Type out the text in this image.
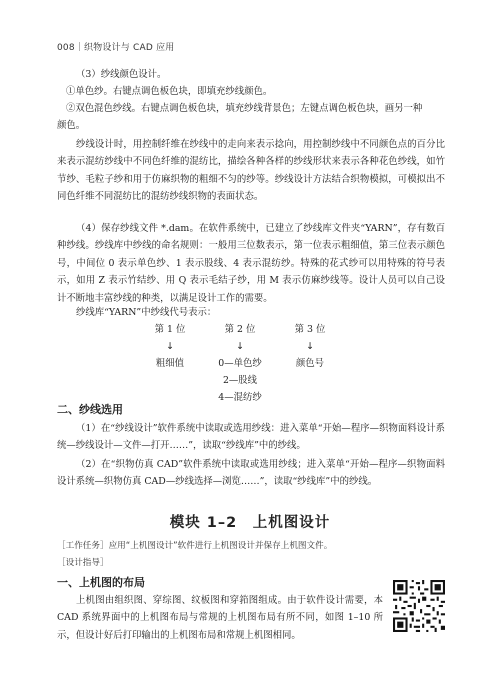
008｜织物设计与 CAD 应用
（3）纱线颜色设计。
①单色纱。右键点调色板色块，即填充纱线颜色。
②双色混色纱线。右键点调色板色块，填充纱线背景色；左键点调色板色块，画另一种
颜色。
纱线设计时，用控制纤维在纱线中的走向来表示捻向，用控制纱线中不同颜色点的百分比来表示混纺纱线中不同色纤维的混纺比，描绘各种各样的纱线形状来表示各种花色纱线，如竹节纱、毛粒子纱和用于仿麻织物的粗细不匀的纱等。纱线设计方法结合织物模拟，可模拟出不同色纤维不同混纺比的混纺纱线织物的表面状态。
（4）保存纱线文件 *.dam。在软件系统中，已建立了纱线库文件夹“YARN”，存有数百种纱线。纱线库中纱线的命名规则：一般用三位数表示，第一位表示粗细值，第三位表示颜色号，中间位 0 表示单色纱、1 表示股线、4 表示混纺纱。特殊的花式纱可以用特殊的符号表示，如用 Z 表示竹结纱、用 Q 表示毛结子纱，用 M 表示仿麻纱线等。设计人员可以自己设计不断地丰富纱线的种类，以满足设计工作的需要。
纱线库“YARN”中纱线代号表示：
第 1 位
↓
粗细值
第 2 位
↓
0—单色纱
2—股线
4—混纺纱
第 3 位
↓
颜色号
二、纱线选用
（1）在“纱线设计”软件系统中读取或选用纱线：进入菜单“开始—程序—织物面料设计系统—纱线设计—文件—打开……”，读取“纱线库”中的纱线。
（2）在“织物仿真 CAD”软件系统中读取或选用纱线；进入菜单“开始—程序—织物面料设计系统—织物仿真 CAD—纱线选择—浏览……”，读取“纱线库”中的纱线。
模块 1–2　上机图设计
［工作任务］应用“上机图设计”软件进行上机图设计并保存上机图文件。
［设计指导］
一、上机图的布局
上机图由组织图、穿综图、纹板图和穿筘图组成。由于软件设计需要，本 CAD 系统界面中的上机图布局与常规的上机图布局有所不同，如图 1–10 所示，但设计好后打印输出的上机图布局和常规上机图相同。
